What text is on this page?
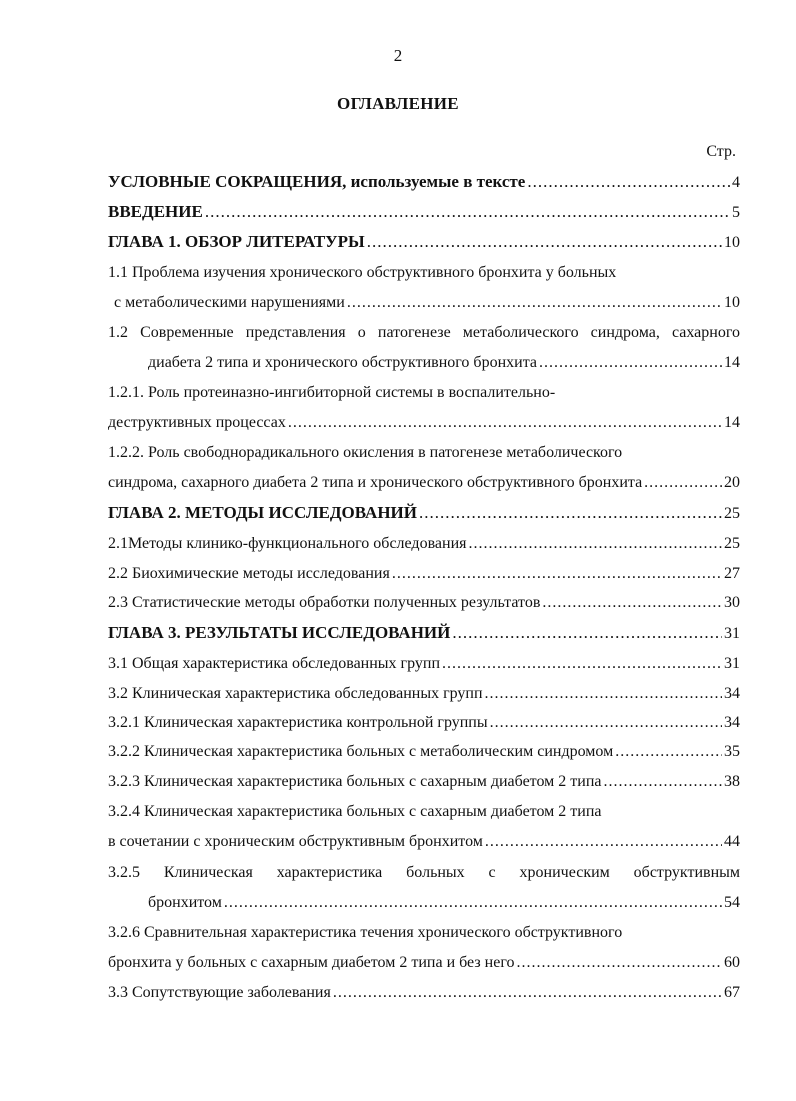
2
ОГЛАВЛЕНИЕ
Стр.
УСЛОВНЫЕ СОКРАЩЕНИЯ, используемые в тексте .....	4
ВВЕДЕНИЕ .....	5
ГЛАВА 1. ОБЗОР ЛИТЕРАТУРЫ .....	10
1.1 Проблема изучения хронического обструктивного бронхита у больных
с метаболическими нарушениями .....	10
1.2 Современные представления о патогенезе метаболического синдрома, сахарного
диабета 2 типа и хронического обструктивного бронхита .....	14
1.2.1. Роль протеиназно-ингибиторной системы в воспалительно-
деструктивных процессах .....	14
1.2.2. Роль свободнорадикального окисления в патогенезе метаболического
синдрома, сахарного диабета 2 типа и хронического обструктивного бронхита .....	20
ГЛАВА 2. МЕТОДЫ ИССЛЕДОВАНИЙ .....	25
2.1Методы клинико-функционального обследования .....	25
2.2 Биохимические методы исследования .....	27
2.3 Статистические методы обработки полученных результатов .....	30
ГЛАВА 3. РЕЗУЛЬТАТЫ ИССЛЕДОВАНИЙ .....	31
3.1 Общая характеристика обследованных групп .....	31
3.2 Клиническая характеристика обследованных групп .....	34
3.2.1 Клиническая характеристика контрольной группы .....	34
3.2.2 Клиническая характеристика больных с метаболическим синдромом .....	35
3.2.3 Клиническая характеристика больных с сахарным диабетом 2 типа .....	38
3.2.4 Клиническая характеристика больных с сахарным диабетом 2 типа
в сочетании с хроническим обструктивным бронхитом .....	44
3.2.5 Клиническая характеристика больных с хроническим обструктивным
бронхитом .....	54
3.2.6 Сравнительная характеристика течения хронического обструктивного
бронхита у больных с сахарным диабетом 2 типа и без него .....	60
3.3 Сопутствующие заболевания .....	67
